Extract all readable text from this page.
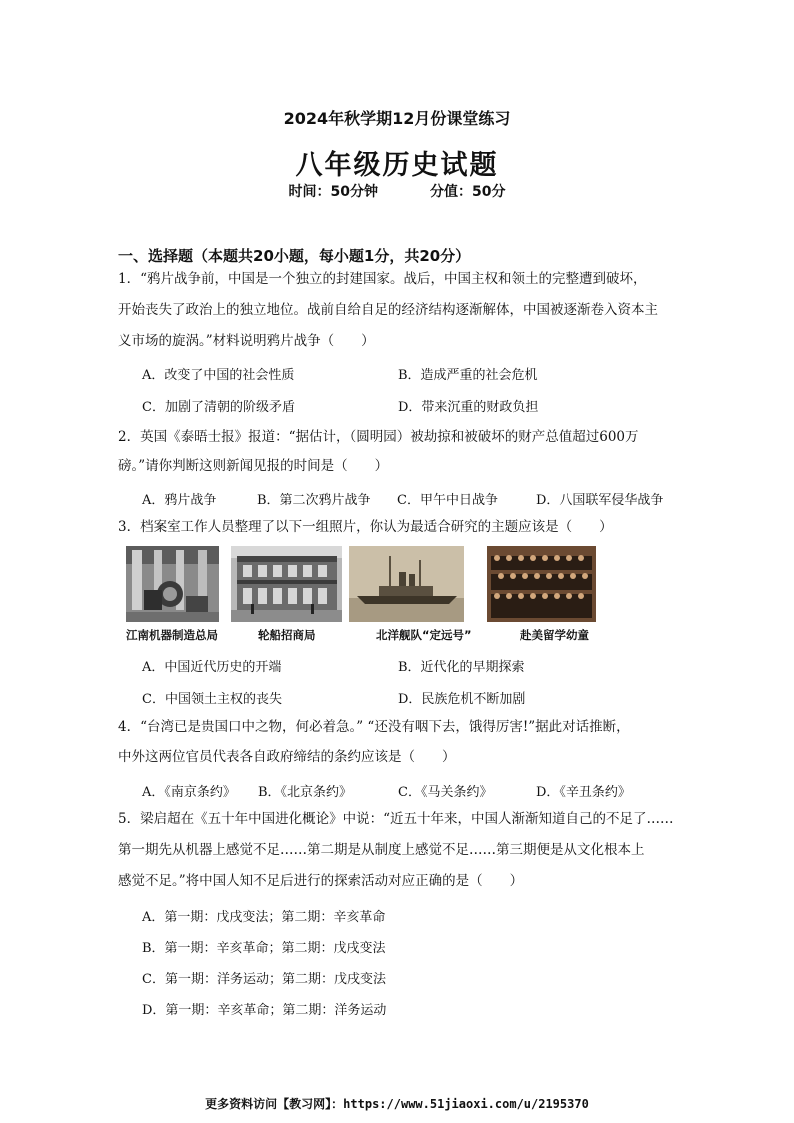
2024年秋学期12月份课堂练习
八年级历史试题
时间：50分钟	分值：50分
一、选择题（本题共20小题，每小题1分，共20分）
1．“鸦片战争前，中国是一个独立的封建国家。战后，中国主权和领土的完整遭到破坏，
开始丧失了政治上的独立地位。战前自给自足的经济结构逐渐解体，中国被逐渐卷入资本主
义市场的旋涡。”材料说明鸦片战争（　　）
A．改变了中国的社会性质	B．造成严重的社会危机
C．加剧了清朝的阶级矛盾	D．带来沉重的财政负担
2．英国《泰晤士报》报道：“据估计，（圆明园）被劫掠和被破坏的财产总值超过600万
磅。”请你判断这则新闻见报的时间是（　　）
A．鸦片战争	B．第二次鸦片战争 C．甲午中日战争	D．八国联军侵华战争
3．档案室工作人员整理了以下一组照片，你认为最适合研究的主题应该是（　　）
江南机器制造总局	轮船招商局	北洋舰队“定远号”	赴美留学幼童
A．中国近代历史的开端	B．近代化的早期探索
C．中国领土主权的丧失	D．民族危机不断加剧
4．“台湾已是贵国口中之物，何必着急。” “还没有咽下去，饿得厉害!”据此对话推断，
中外这两位官员代表各自政府缔结的条约应该是（　　）
A．《南京条约》 B．《北京条约》	C．《马关条约》	D．《辛丑条约》
5．梁启超在《五十年中国进化概论》中说：“近五十年来，中国人渐渐知道自己的不足了……
第一期先从机器上感觉不足……第二期是从制度上感觉不足……第三期便是从文化根本上
感觉不足。”将中国人知不足后进行的探索活动对应正确的是（　　）
A．第一期：戊戌变法；第二期：辛亥革命
B．第一期：辛亥革命；第二期：戊戌变法
C．第一期：洋务运动；第二期：戊戌变法
D．第一期：辛亥革命；第二期：洋务运动
更多资料访问【教习网】：https://www.51jiaoxi.com/u/2195370
